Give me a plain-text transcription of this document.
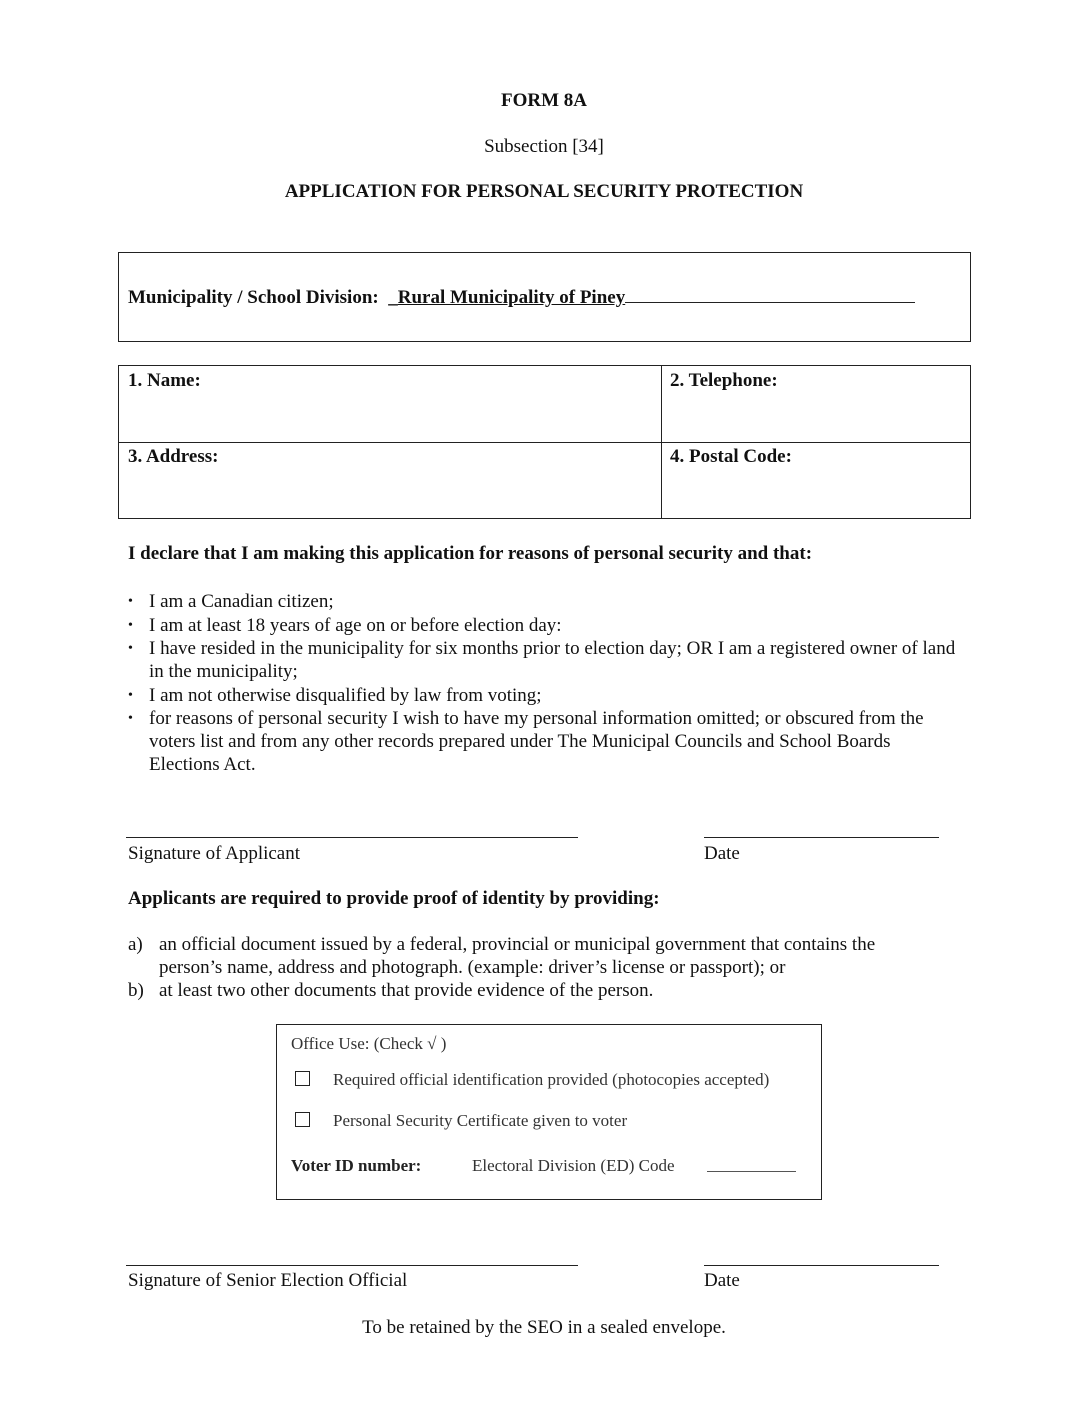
FORM 8A
Subsection [34]
APPLICATION FOR PERSONAL SECURITY PROTECTION
Municipality / School Division:  _Rural Municipality of Piney
1. Name:	2. Telephone:
3. Address:	4. Postal Code:
I declare that I am making this application for reasons of personal security and that:
• I am a Canadian citizen;
• I am at least 18 years of age on or before election day:
• I have resided in the municipality for six months prior to election day; OR I am a registered owner of land in the municipality;
• I am not otherwise disqualified by law from voting;
• for reasons of personal security I wish to have my personal information omitted; or obscured from the voters list and from any other records prepared under The Municipal Councils and School Boards Elections Act.
Signature of Applicant	Date
Applicants are required to provide proof of identity by providing:
a) an official document issued by a federal, provincial or municipal government that contains the person’s name, address and photograph. (example: driver’s license or passport); or
b) at least two other documents that provide evidence of the person.
Office Use: (Check √ )
Required official identification provided (photocopies accepted)
Personal Security Certificate given to voter
Voter ID number:	Electoral Division (ED) Code
Signature of Senior Election Official	Date
To be retained by the SEO in a sealed envelope.
